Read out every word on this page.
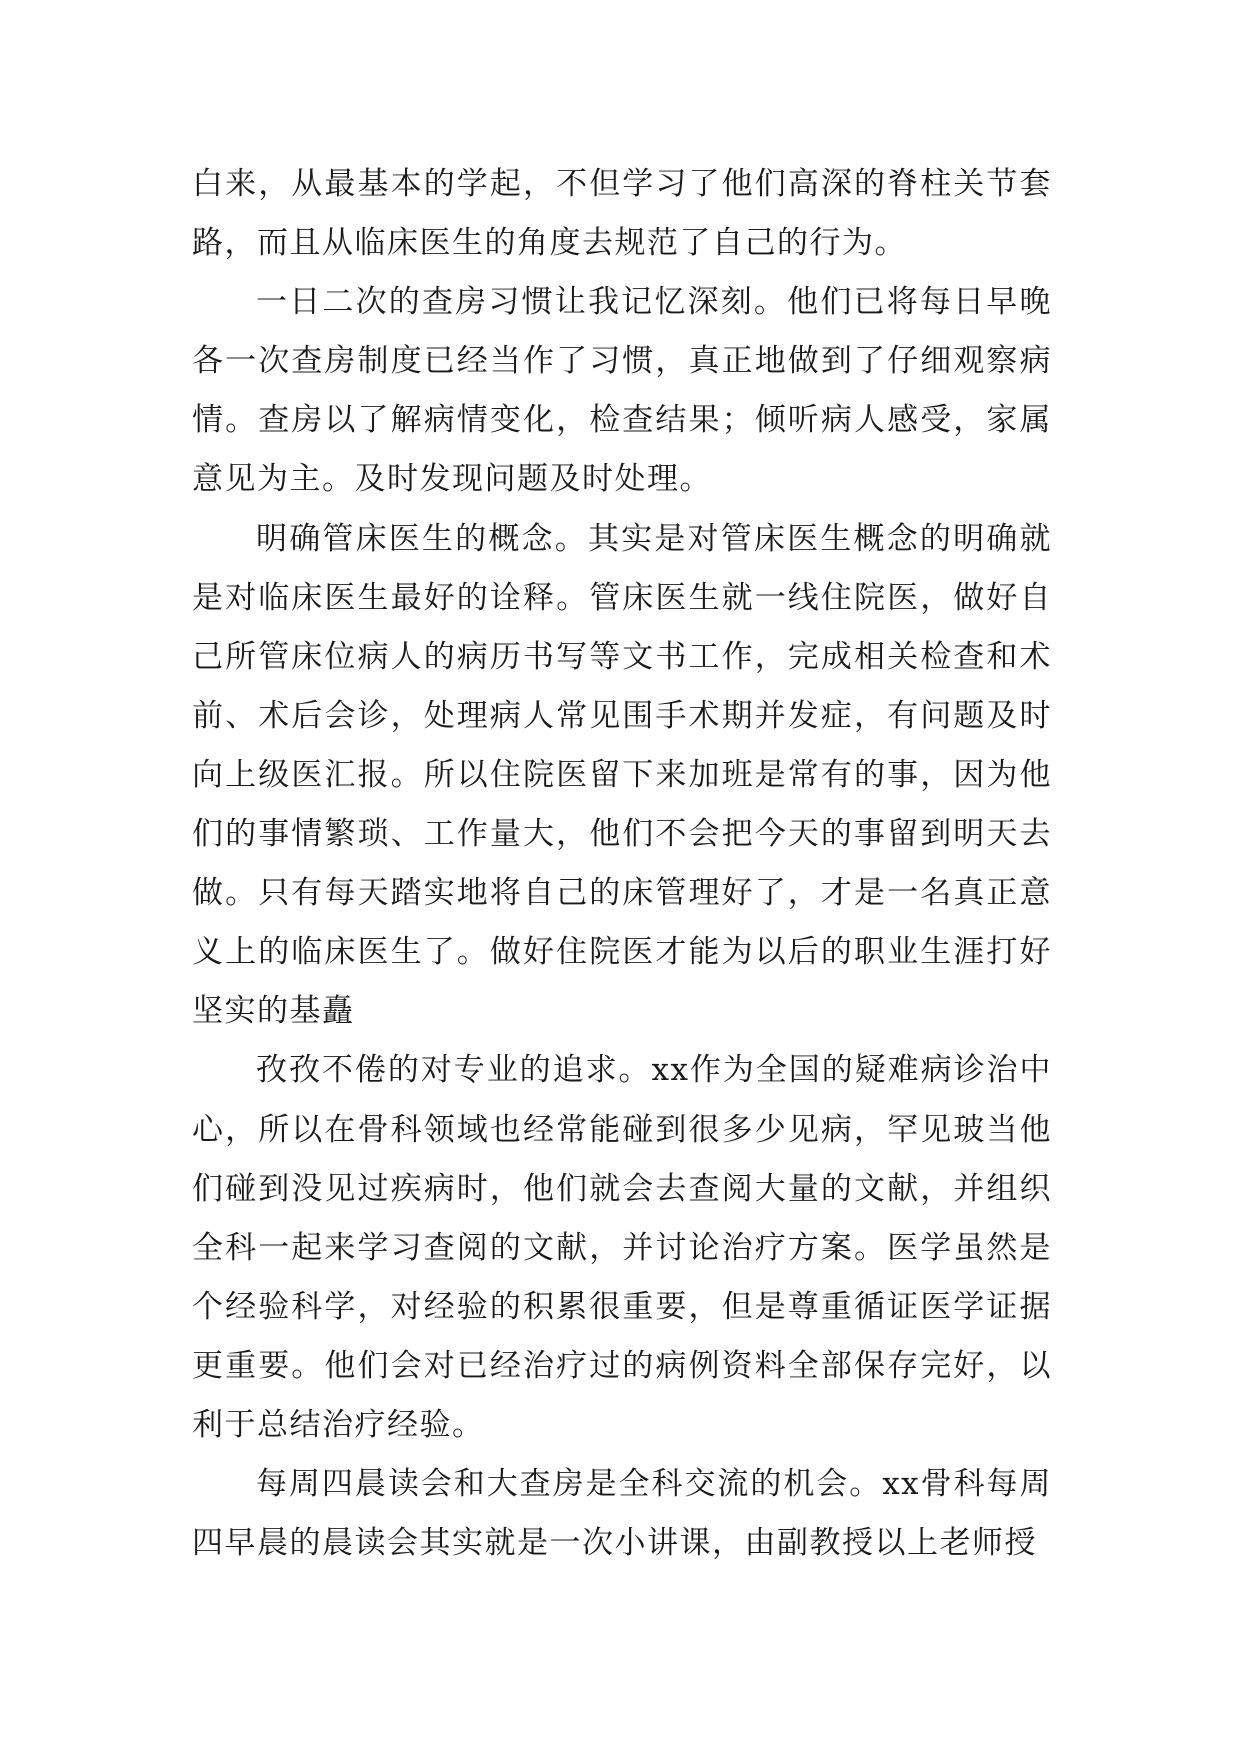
白来，从最基本的学起，不但学习了他们高深的脊柱关节套路，而且从临床医生的角度去规范了自己的行为。

一日二次的查房习惯让我记忆深刻。他们已将每日早晚各一次查房制度已经当作了习惯，真正地做到了仔细观察病情。查房以了解病情变化，检查结果；倾听病人感受，家属意见为主。及时发现问题及时处理。

明确管床医生的概念。其实是对管床医生概念的明确就是对临床医生最好的诠释。管床医生就一线住院医，做好自己所管床位病人的病历书写等文书工作，完成相关检查和术前、术后会诊，处理病人常见围手术期并发症，有问题及时向上级医汇报。所以住院医留下来加班是常有的事，因为他们的事情繁琐、工作量大，他们不会把今天的事留到明天去做。只有每天踏实地将自己的床管理好了，才是一名真正意义上的临床医生了。做好住院医才能为以后的职业生涯打好坚实的基矗

孜孜不倦的对专业的追求。xx作为全国的疑难病诊治中心，所以在骨科领域也经常能碰到很多少见病，罕见玻当他们碰到没见过疾病时，他们就会去查阅大量的文献，并组织全科一起来学习查阅的文献，并讨论治疗方案。医学虽然是个经验科学，对经验的积累很重要，但是尊重循证医学证据更重要。他们会对已经治疗过的病例资料全部保存完好，以利于总结治疗经验。

每周四晨读会和大查房是全科交流的机会。xx骨科每周四早晨的晨读会其实就是一次小讲课，由副教授以上老师授
